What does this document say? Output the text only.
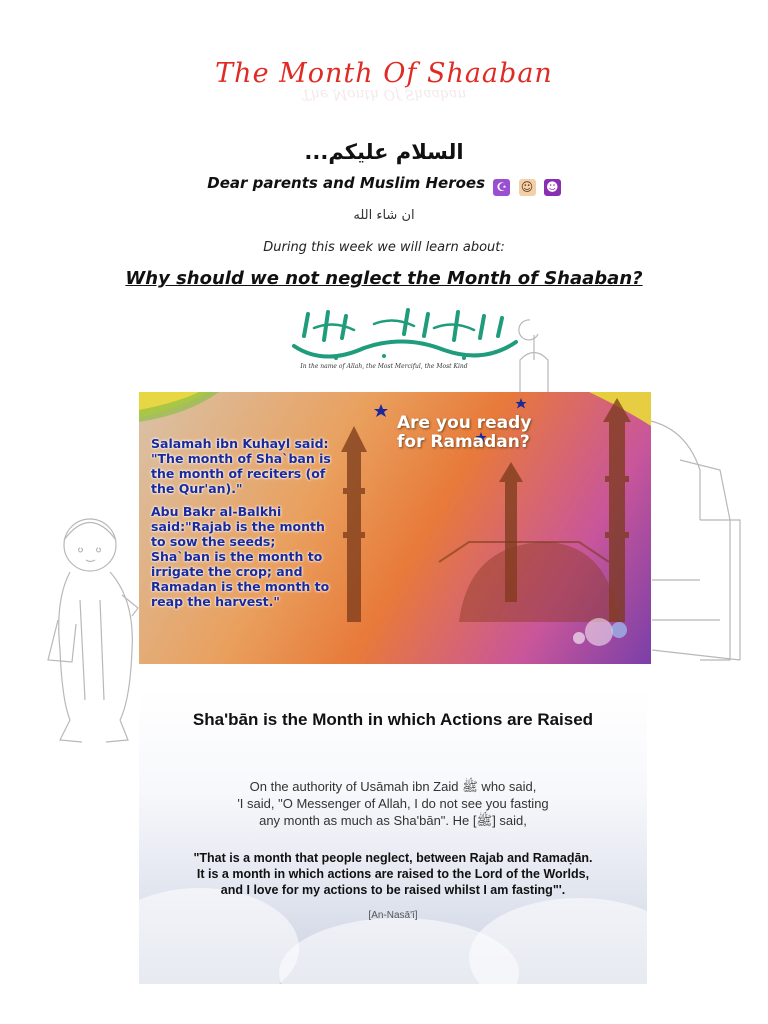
The Month Of Shaaban
The Month Of Shaaban
السلام عليكم...
Dear parents and Muslim Heroes ☪ ☺ ☻
ان شاء الله
During this week we will learn about:
Why should we not neglect the Month of Shaaban?
In the name of Allah, the Most Merciful, the Most Kind

Salamah ibn Kuhayl said: "The month of Sha`ban is the month of reciters (of the Qur'an)."

Abu Bakr al-Balkhi said:"Rajab is the month to sow the seeds; Sha`ban is the month to irrigate the crop; and Ramadan is the month to reap the harvest."

Are you ready
for Ramadan?
Sha'bān is the Month in which Actions are Raised

On the authority of Usāmah ibn Zaid ﷺ who said,

'I said, "O Messenger of Allah, I do not see you fasting

any month as much as Sha'bān". He [ﷺ] said,

"That is a month that people neglect, between Rajab and Ramaḍān.

It is a month in which actions are raised to the Lord of the Worlds,

and I love for my actions to be raised whilst I am fasting"'.

[An-Nasā'ī]
